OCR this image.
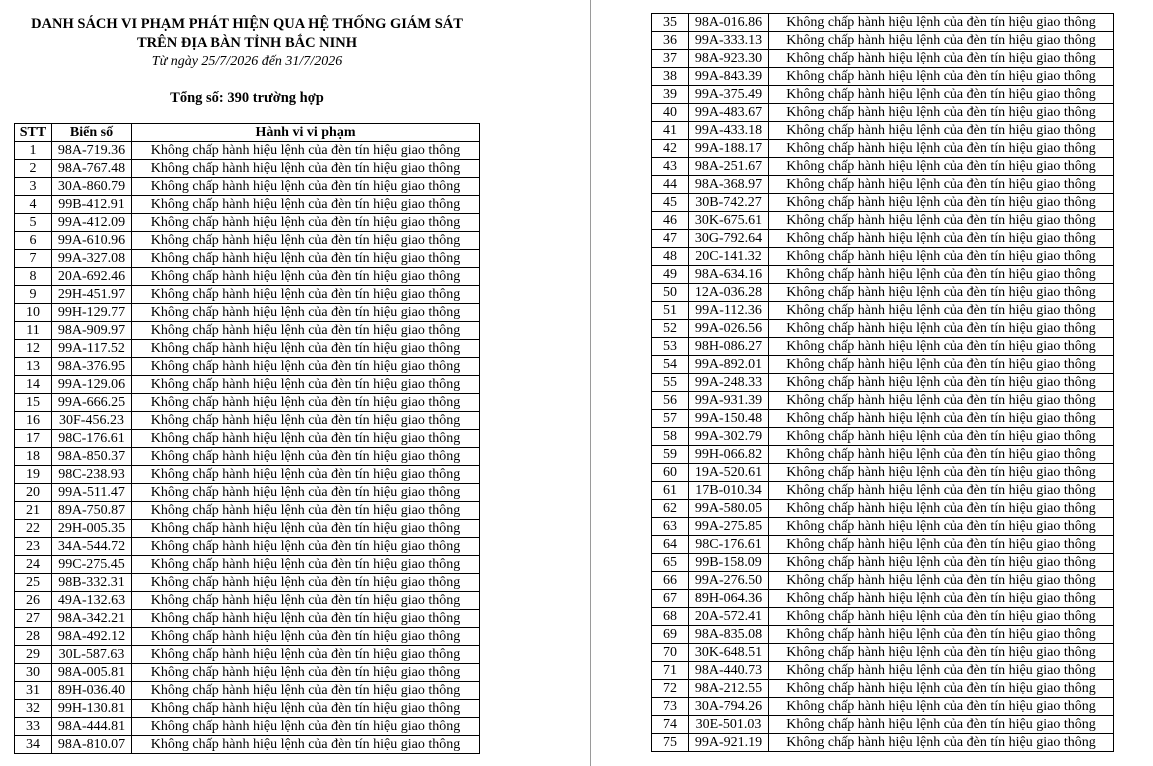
DANH SÁCH VI PHẠM PHÁT HIỆN QUA HỆ THỐNG GIÁM SÁT
TRÊN ĐỊA BÀN TỈNH BẮC NINH
Từ ngày 25/7/2026 đến 31/7/2026
Tổng số: 390 trường hợp
STT	Biển số	Hành vi vi phạm
1	98A-719.36	Không chấp hành hiệu lệnh của đèn tín hiệu giao thông
2	98A-767.48	Không chấp hành hiệu lệnh của đèn tín hiệu giao thông
3	30A-860.79	Không chấp hành hiệu lệnh của đèn tín hiệu giao thông
4	99B-412.91	Không chấp hành hiệu lệnh của đèn tín hiệu giao thông
5	99A-412.09	Không chấp hành hiệu lệnh của đèn tín hiệu giao thông
6	99A-610.96	Không chấp hành hiệu lệnh của đèn tín hiệu giao thông
7	99A-327.08	Không chấp hành hiệu lệnh của đèn tín hiệu giao thông
8	20A-692.46	Không chấp hành hiệu lệnh của đèn tín hiệu giao thông
9	29H-451.97	Không chấp hành hiệu lệnh của đèn tín hiệu giao thông
10	99H-129.77	Không chấp hành hiệu lệnh của đèn tín hiệu giao thông
11	98A-909.97	Không chấp hành hiệu lệnh của đèn tín hiệu giao thông
12	99A-117.52	Không chấp hành hiệu lệnh của đèn tín hiệu giao thông
13	98A-376.95	Không chấp hành hiệu lệnh của đèn tín hiệu giao thông
14	99A-129.06	Không chấp hành hiệu lệnh của đèn tín hiệu giao thông
15	99A-666.25	Không chấp hành hiệu lệnh của đèn tín hiệu giao thông
16	30F-456.23	Không chấp hành hiệu lệnh của đèn tín hiệu giao thông
17	98C-176.61	Không chấp hành hiệu lệnh của đèn tín hiệu giao thông
18	98A-850.37	Không chấp hành hiệu lệnh của đèn tín hiệu giao thông
19	98C-238.93	Không chấp hành hiệu lệnh của đèn tín hiệu giao thông
20	99A-511.47	Không chấp hành hiệu lệnh của đèn tín hiệu giao thông
21	89A-750.87	Không chấp hành hiệu lệnh của đèn tín hiệu giao thông
22	29H-005.35	Không chấp hành hiệu lệnh của đèn tín hiệu giao thông
23	34A-544.72	Không chấp hành hiệu lệnh của đèn tín hiệu giao thông
24	99C-275.45	Không chấp hành hiệu lệnh của đèn tín hiệu giao thông
25	98B-332.31	Không chấp hành hiệu lệnh của đèn tín hiệu giao thông
26	49A-132.63	Không chấp hành hiệu lệnh của đèn tín hiệu giao thông
27	98A-342.21	Không chấp hành hiệu lệnh của đèn tín hiệu giao thông
28	98A-492.12	Không chấp hành hiệu lệnh của đèn tín hiệu giao thông
29	30L-587.63	Không chấp hành hiệu lệnh của đèn tín hiệu giao thông
30	98A-005.81	Không chấp hành hiệu lệnh của đèn tín hiệu giao thông
31	89H-036.40	Không chấp hành hiệu lệnh của đèn tín hiệu giao thông
32	99H-130.81	Không chấp hành hiệu lệnh của đèn tín hiệu giao thông
33	98A-444.81	Không chấp hành hiệu lệnh của đèn tín hiệu giao thông
34	98A-810.07	Không chấp hành hiệu lệnh của đèn tín hiệu giao thông
35	98A-016.86	Không chấp hành hiệu lệnh của đèn tín hiệu giao thông
36	99A-333.13	Không chấp hành hiệu lệnh của đèn tín hiệu giao thông
37	98A-923.30	Không chấp hành hiệu lệnh của đèn tín hiệu giao thông
38	99A-843.39	Không chấp hành hiệu lệnh của đèn tín hiệu giao thông
39	99A-375.49	Không chấp hành hiệu lệnh của đèn tín hiệu giao thông
40	99A-483.67	Không chấp hành hiệu lệnh của đèn tín hiệu giao thông
41	99A-433.18	Không chấp hành hiệu lệnh của đèn tín hiệu giao thông
42	99A-188.17	Không chấp hành hiệu lệnh của đèn tín hiệu giao thông
43	98A-251.67	Không chấp hành hiệu lệnh của đèn tín hiệu giao thông
44	98A-368.97	Không chấp hành hiệu lệnh của đèn tín hiệu giao thông
45	30B-742.27	Không chấp hành hiệu lệnh của đèn tín hiệu giao thông
46	30K-675.61	Không chấp hành hiệu lệnh của đèn tín hiệu giao thông
47	30G-792.64	Không chấp hành hiệu lệnh của đèn tín hiệu giao thông
48	20C-141.32	Không chấp hành hiệu lệnh của đèn tín hiệu giao thông
49	98A-634.16	Không chấp hành hiệu lệnh của đèn tín hiệu giao thông
50	12A-036.28	Không chấp hành hiệu lệnh của đèn tín hiệu giao thông
51	99A-112.36	Không chấp hành hiệu lệnh của đèn tín hiệu giao thông
52	99A-026.56	Không chấp hành hiệu lệnh của đèn tín hiệu giao thông
53	98H-086.27	Không chấp hành hiệu lệnh của đèn tín hiệu giao thông
54	99A-892.01	Không chấp hành hiệu lệnh của đèn tín hiệu giao thông
55	99A-248.33	Không chấp hành hiệu lệnh của đèn tín hiệu giao thông
56	99A-931.39	Không chấp hành hiệu lệnh của đèn tín hiệu giao thông
57	99A-150.48	Không chấp hành hiệu lệnh của đèn tín hiệu giao thông
58	99A-302.79	Không chấp hành hiệu lệnh của đèn tín hiệu giao thông
59	99H-066.82	Không chấp hành hiệu lệnh của đèn tín hiệu giao thông
60	19A-520.61	Không chấp hành hiệu lệnh của đèn tín hiệu giao thông
61	17B-010.34	Không chấp hành hiệu lệnh của đèn tín hiệu giao thông
62	99A-580.05	Không chấp hành hiệu lệnh của đèn tín hiệu giao thông
63	99A-275.85	Không chấp hành hiệu lệnh của đèn tín hiệu giao thông
64	98C-176.61	Không chấp hành hiệu lệnh của đèn tín hiệu giao thông
65	99B-158.09	Không chấp hành hiệu lệnh của đèn tín hiệu giao thông
66	99A-276.50	Không chấp hành hiệu lệnh của đèn tín hiệu giao thông
67	89H-064.36	Không chấp hành hiệu lệnh của đèn tín hiệu giao thông
68	20A-572.41	Không chấp hành hiệu lệnh của đèn tín hiệu giao thông
69	98A-835.08	Không chấp hành hiệu lệnh của đèn tín hiệu giao thông
70	30K-648.51	Không chấp hành hiệu lệnh của đèn tín hiệu giao thông
71	98A-440.73	Không chấp hành hiệu lệnh của đèn tín hiệu giao thông
72	98A-212.55	Không chấp hành hiệu lệnh của đèn tín hiệu giao thông
73	30A-794.26	Không chấp hành hiệu lệnh của đèn tín hiệu giao thông
74	30E-501.03	Không chấp hành hiệu lệnh của đèn tín hiệu giao thông
75	99A-921.19	Không chấp hành hiệu lệnh của đèn tín hiệu giao thông
